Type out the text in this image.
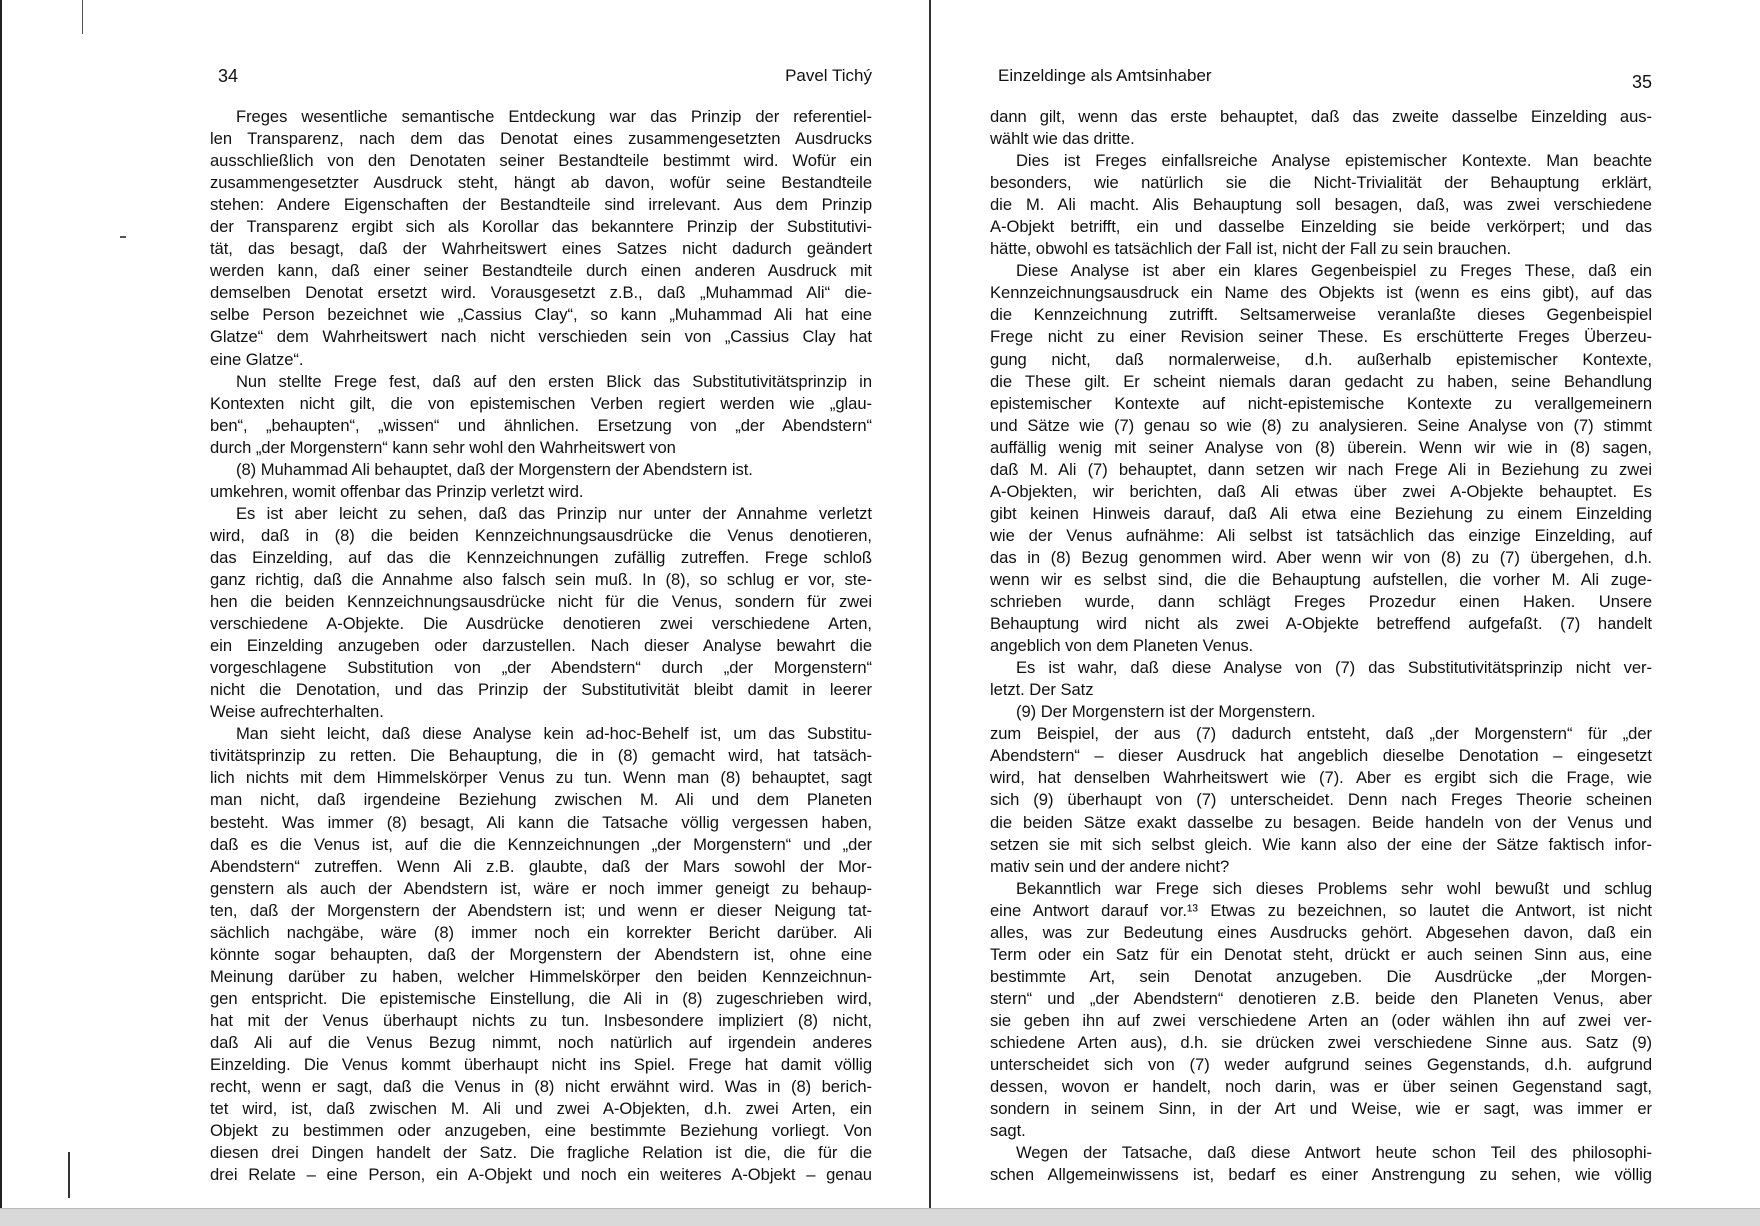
34	Pavel Tichý
Freges wesentliche semantische Entdeckung war das Prinzip der referentiel-
len Transparenz, nach dem das Denotat eines zusammengesetzten Ausdrucks
ausschließlich von den Denotaten seiner Bestandteile bestimmt wird. Wofür ein
zusammengesetzter Ausdruck steht, hängt ab davon, wofür seine Bestandteile
stehen: Andere Eigenschaften der Bestandteile sind irrelevant. Aus dem Prinzip
der Transparenz ergibt sich als Korollar das bekanntere Prinzip der Substitutivi-
tät, das besagt, daß der Wahrheitswert eines Satzes nicht dadurch geändert
werden kann, daß einer seiner Bestandteile durch einen anderen Ausdruck mit
demselben Denotat ersetzt wird. Vorausgesetzt z.B., daß „Muhammad Ali“ die-
selbe Person bezeichnet wie „Cassius Clay“, so kann „Muhammad Ali hat eine
Glatze“ dem Wahrheitswert nach nicht verschieden sein von „Cassius Clay hat
eine Glatze“.
Nun stellte Frege fest, daß auf den ersten Blick das Substitutivitätsprinzip in
Kontexten nicht gilt, die von epistemischen Verben regiert werden wie „glau-
ben“, „behaupten“, „wissen“ und ähnlichen. Ersetzung von „der Abendstern“
durch „der Morgenstern“ kann sehr wohl den Wahrheitswert von
(8) Muhammad Ali behauptet, daß der Morgenstern der Abendstern ist.
umkehren, womit offenbar das Prinzip verletzt wird.
Es ist aber leicht zu sehen, daß das Prinzip nur unter der Annahme verletzt
wird, daß in (8) die beiden Kennzeichnungsausdrücke die Venus denotieren,
das Einzelding, auf das die Kennzeichnungen zufällig zutreffen. Frege schloß
ganz richtig, daß die Annahme also falsch sein muß. In (8), so schlug er vor, ste-
hen die beiden Kennzeichnungsausdrücke nicht für die Venus, sondern für zwei
verschiedene A-Objekte. Die Ausdrücke denotieren zwei verschiedene Arten,
ein Einzelding anzugeben oder darzustellen. Nach dieser Analyse bewahrt die
vorgeschlagene Substitution von „der Abendstern“ durch „der Morgenstern“
nicht die Denotation, und das Prinzip der Substitutivität bleibt damit in leerer
Weise aufrechterhalten.
Man sieht leicht, daß diese Analyse kein ad-hoc-Behelf ist, um das Substitu-
tivitätsprinzip zu retten. Die Behauptung, die in (8) gemacht wird, hat tatsäch-
lich nichts mit dem Himmelskörper Venus zu tun. Wenn man (8) behauptet, sagt
man nicht, daß irgendeine Beziehung zwischen M. Ali und dem Planeten
besteht. Was immer (8) besagt, Ali kann die Tatsache völlig vergessen haben,
daß es die Venus ist, auf die die Kennzeichnungen „der Morgenstern“ und „der
Abendstern“ zutreffen. Wenn Ali z.B. glaubte, daß der Mars sowohl der Mor-
genstern als auch der Abendstern ist, wäre er noch immer geneigt zu behaup-
ten, daß der Morgenstern der Abendstern ist; und wenn er dieser Neigung tat-
sächlich nachgäbe, wäre (8) immer noch ein korrekter Bericht darüber. Ali
könnte sogar behaupten, daß der Morgenstern der Abendstern ist, ohne eine
Meinung darüber zu haben, welcher Himmelskörper den beiden Kennzeichnun-
gen entspricht. Die epistemische Einstellung, die Ali in (8) zugeschrieben wird,
hat mit der Venus überhaupt nichts zu tun. Insbesondere impliziert (8) nicht,
daß Ali auf die Venus Bezug nimmt, noch natürlich auf irgendein anderes
Einzelding. Die Venus kommt überhaupt nicht ins Spiel. Frege hat damit völlig
recht, wenn er sagt, daß die Venus in (8) nicht erwähnt wird. Was in (8) berich-
tet wird, ist, daß zwischen M. Ali und zwei A-Objekten, d.h. zwei Arten, ein
Objekt zu bestimmen oder anzugeben, eine bestimmte Beziehung vorliegt. Von
diesen drei Dingen handelt der Satz. Die fragliche Relation ist die, die für die
drei Relate – eine Person, ein A-Objekt und noch ein weiteres A-Objekt – genau
Einzeldinge als Amtsinhaber	35
dann gilt, wenn das erste behauptet, daß das zweite dasselbe Einzelding aus-
wählt wie das dritte.
Dies ist Freges einfallsreiche Analyse epistemischer Kontexte. Man beachte
besonders, wie natürlich sie die Nicht-Trivialität der Behauptung erklärt,
die M. Ali macht. Alis Behauptung soll besagen, daß, was zwei verschiedene
A-Objekt betrifft, ein und dasselbe Einzelding sie beide verkörpert; und das
hätte, obwohl es tatsächlich der Fall ist, nicht der Fall zu sein brauchen.
Diese Analyse ist aber ein klares Gegenbeispiel zu Freges These, daß ein
Kennzeichnungsausdruck ein Name des Objekts ist (wenn es eins gibt), auf das
die Kennzeichnung zutrifft. Seltsamerweise veranlaßte dieses Gegenbeispiel
Frege nicht zu einer Revision seiner These. Es erschütterte Freges Überzeu-
gung nicht, daß normalerweise, d.h. außerhalb epistemischer Kontexte,
die These gilt. Er scheint niemals daran gedacht zu haben, seine Behandlung
epistemischer Kontexte auf nicht-epistemische Kontexte zu verallgemeinern
und Sätze wie (7) genau so wie (8) zu analysieren. Seine Analyse von (7) stimmt
auffällig wenig mit seiner Analyse von (8) überein. Wenn wir wie in (8) sagen,
daß M. Ali (7) behauptet, dann setzen wir nach Frege Ali in Beziehung zu zwei
A-Objekten, wir berichten, daß Ali etwas über zwei A-Objekte behauptet. Es
gibt keinen Hinweis darauf, daß Ali etwa eine Beziehung zu einem Einzelding
wie der Venus aufnähme: Ali selbst ist tatsächlich das einzige Einzelding, auf
das in (8) Bezug genommen wird. Aber wenn wir von (8) zu (7) übergehen, d.h.
wenn wir es selbst sind, die die Behauptung aufstellen, die vorher M. Ali zuge-
schrieben wurde, dann schlägt Freges Prozedur einen Haken. Unsere
Behauptung wird nicht als zwei A-Objekte betreffend aufgefaßt. (7) handelt
angeblich von dem Planeten Venus.
Es ist wahr, daß diese Analyse von (7) das Substitutivitätsprinzip nicht ver-
letzt. Der Satz
(9) Der Morgenstern ist der Morgenstern.
zum Beispiel, der aus (7) dadurch entsteht, daß „der Morgenstern“ für „der
Abendstern“ – dieser Ausdruck hat angeblich dieselbe Denotation – eingesetzt
wird, hat denselben Wahrheitswert wie (7). Aber es ergibt sich die Frage, wie
sich (9) überhaupt von (7) unterscheidet. Denn nach Freges Theorie scheinen
die beiden Sätze exakt dasselbe zu besagen. Beide handeln von der Venus und
setzen sie mit sich selbst gleich. Wie kann also der eine der Sätze faktisch infor-
mativ sein und der andere nicht?
Bekanntlich war Frege sich dieses Problems sehr wohl bewußt und schlug
eine Antwort darauf vor.¹³ Etwas zu bezeichnen, so lautet die Antwort, ist nicht
alles, was zur Bedeutung eines Ausdrucks gehört. Abgesehen davon, daß ein
Term oder ein Satz für ein Denotat steht, drückt er auch seinen Sinn aus, eine
bestimmte Art, sein Denotat anzugeben. Die Ausdrücke „der Morgen-
stern“ und „der Abendstern“ denotieren z.B. beide den Planeten Venus, aber
sie geben ihn auf zwei verschiedene Arten an (oder wählen ihn auf zwei ver-
schiedene Arten aus), d.h. sie drücken zwei verschiedene Sinne aus. Satz (9)
unterscheidet sich von (7) weder aufgrund seines Gegenstands, d.h. aufgrund
dessen, wovon er handelt, noch darin, was er über seinen Gegenstand sagt,
sondern in seinem Sinn, in der Art und Weise, wie er sagt, was immer er
sagt.
Wegen der Tatsache, daß diese Antwort heute schon Teil des philosophi-
schen Allgemeinwissens ist, bedarf es einer Anstrengung zu sehen, wie völlig
